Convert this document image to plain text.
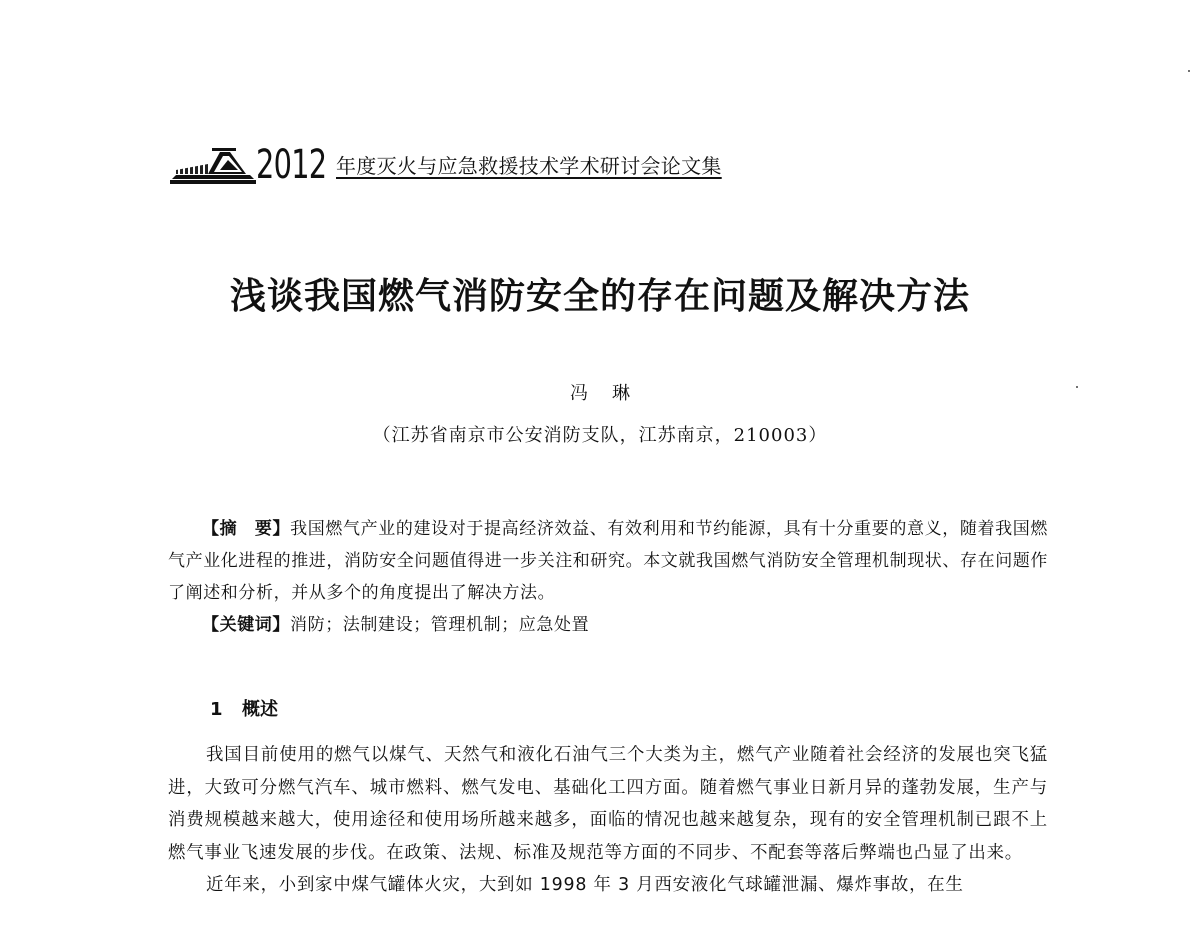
2012 年度灭火与应急救援技术学术研讨会论文集
浅谈我国燃气消防安全的存在问题及解决方法
冯琳
（江苏省南京市公安消防支队，江苏南京，210003）

【摘　要】我国燃气产业的建设对于提高经济效益、有效利用和节约能源，具有十分重要的意义，随着我国燃气产业化进程的推进，消防安全问题值得进一步关注和研究。本文就我国燃气消防安全管理机制现状、存在问题作了阐述和分析，并从多个的角度提出了解决方法。

【关键词】消防；法制建设；管理机制；应急处置

1 概述

我国目前使用的燃气以煤气、天然气和液化石油气三个大类为主，燃气产业随着社会经济的发展也突飞猛进，大致可分燃气汽车、城市燃料、燃气发电、基础化工四方面。随着燃气事业日新月异的蓬勃发展，生产与消费规模越来越大，使用途径和使用场所越来越多，面临的情况也越来越复杂，现有的安全管理机制已跟不上燃气事业飞速发展的步伐。在政策、法规、标准及规范等方面的不同步、不配套等落后弊端也凸显了出来。

近年来，小到家中煤气罐体火灾，大到如 1998 年 3 月西安液化气球罐泄漏、爆炸事故，在生
